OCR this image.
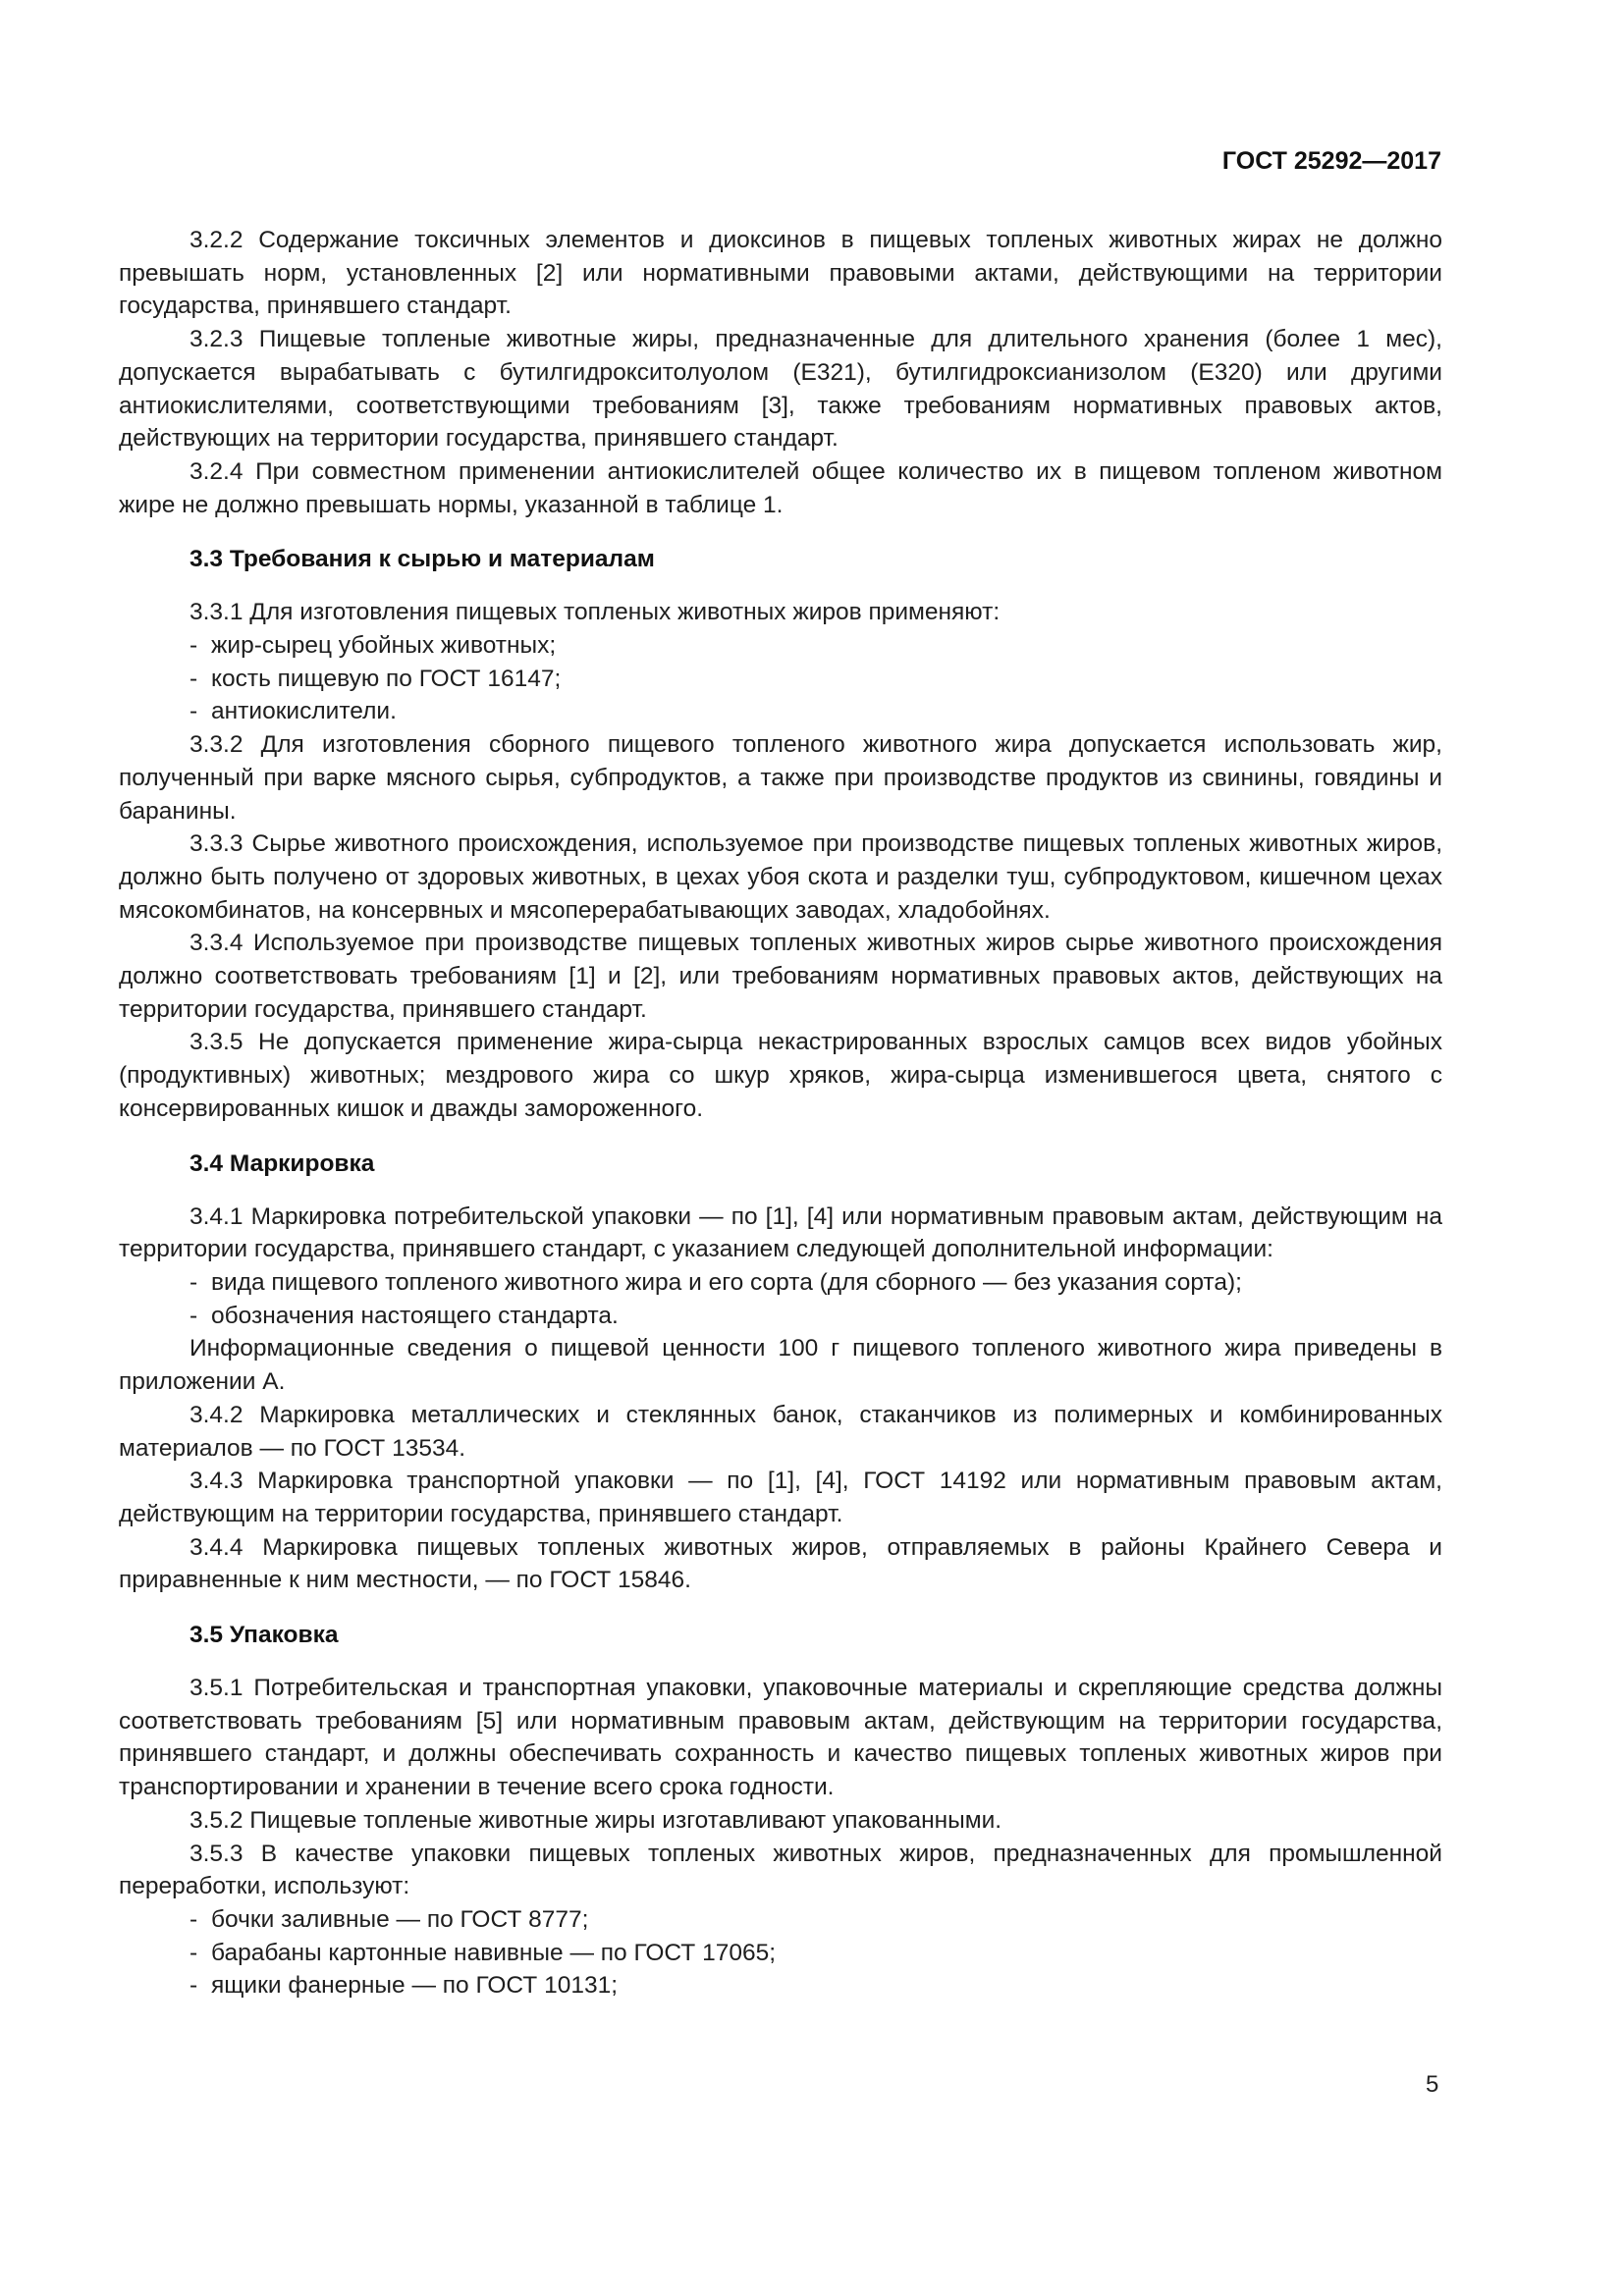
ГОСТ 25292—2017

3.2.2 Содержание токсичных элементов и диоксинов в пищевых топленых животных жирах не должно превышать норм, установленных [2] или нормативными правовыми актами, действующими на территории государства, принявшего стандарт.

3.2.3 Пищевые топленые животные жиры, предназначенные для длительного хранения (более 1 мес), допускается вырабатывать с бутилгидрокситолуолом (Е321), бутилгидроксианизолом (Е320) или другими антиокислителями, соответствующими требованиям [3], также требованиям нормативных правовых актов, действующих на территории государства, принявшего стандарт.

3.2.4 При совместном применении антиокислителей общее количество их в пищевом топленом животном жире не должно превышать нормы, указанной в таблице 1.

3.3 Требования к сырью и материалам

3.3.1 Для изготовления пищевых топленых животных жиров применяют:

- жир-сырец убойных животных;

- кость пищевую по ГОСТ 16147;

- антиокислители.

3.3.2 Для изготовления сборного пищевого топленого животного жира допускается использовать жир, полученный при варке мясного сырья, субпродуктов, а также при производстве продуктов из свинины, говядины и баранины.

3.3.3 Сырье животного происхождения, используемое при производстве пищевых топленых животных жиров, должно быть получено от здоровых животных, в цехах убоя скота и разделки туш, субпродуктовом, кишечном цехах мясокомбинатов, на консервных и мясоперерабатывающих заводах, хладобойнях.

3.3.4 Используемое при производстве пищевых топленых животных жиров сырье животного происхождения должно соответствовать требованиям [1] и [2], или требованиям нормативных правовых актов, действующих на территории государства, принявшего стандарт.

3.3.5 Не допускается применение жира-сырца некастрированных взрослых самцов всех видов убойных (продуктивных) животных; мездрового жира со шкур хряков, жира-сырца изменившегося цвета, снятого с консервированных кишок и дважды замороженного.

3.4 Маркировка

3.4.1 Маркировка потребительской упаковки — по [1], [4] или нормативным правовым актам, действующим на территории государства, принявшего стандарт, с указанием следующей дополнительной информации:

- вида пищевого топленого животного жира и его сорта (для сборного — без указания сорта);

- обозначения настоящего стандарта.

Информационные сведения о пищевой ценности 100 г пищевого топленого животного жира приведены в приложении А.

3.4.2 Маркировка металлических и стеклянных банок, стаканчиков из полимерных и комбинированных материалов — по ГОСТ 13534.

3.4.3 Маркировка транспортной упаковки — по [1], [4], ГОСТ 14192 или нормативным правовым актам, действующим на территории государства, принявшего стандарт.

3.4.4 Маркировка пищевых топленых животных жиров, отправляемых в районы Крайнего Севера и приравненные к ним местности, — по ГОСТ 15846.

3.5 Упаковка

3.5.1 Потребительская и транспортная упаковки, упаковочные материалы и скрепляющие средства должны соответствовать требованиям [5] или нормативным правовым актам, действующим на территории государства, принявшего стандарт, и должны обеспечивать сохранность и качество пищевых топленых животных жиров при транспортировании и хранении в течение всего срока годности.

3.5.2 Пищевые топленые животные жиры изготавливают упакованными.

3.5.3 В качестве упаковки пищевых топленых животных жиров, предназначенных для промышленной переработки, используют:

- бочки заливные — по ГОСТ 8777;

- барабаны картонные навивные — по ГОСТ 17065;

- ящики фанерные — по ГОСТ 10131;

5
